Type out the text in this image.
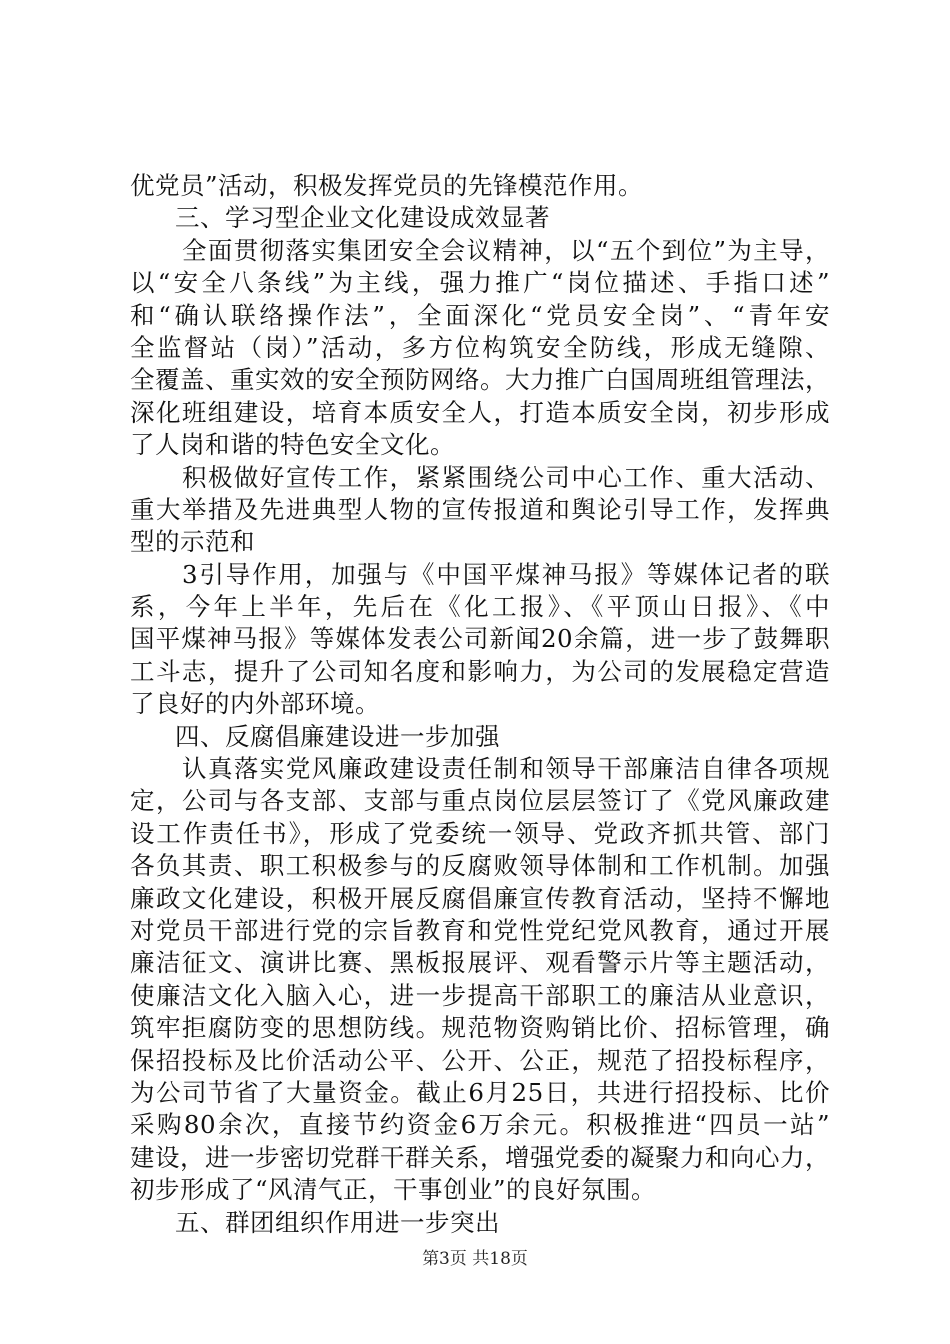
优党员”活动，积极发挥党员的先锋模范作用。
三、学习型企业文化建设成效显著
全面贯彻落实集团安全会议精神，以“五个到位”为主导，
以“安全八条线”为主线，强力推广“岗位描述、手指口述”
和“确认联络操作法”，全面深化“党员安全岗”、“青年安
全监督站（岗）”活动，多方位构筑安全防线，形成无缝隙、
全覆盖、重实效的安全预防网络。大力推广白国周班组管理法，
深化班组建设，培育本质安全人，打造本质安全岗，初步形成
了人岗和谐的特色安全文化。
积极做好宣传工作，紧紧围绕公司中心工作、重大活动、
重大举措及先进典型人物的宣传报道和舆论引导工作，发挥典
型的示范和
3引导作用，加强与《中国平煤神马报》等媒体记者的联
系，今年上半年，先后在《化工报》、《平顶山日报》、《中
国平煤神马报》等媒体发表公司新闻20余篇，进一步了鼓舞职
工斗志，提升了公司知名度和影响力，为公司的发展稳定营造
了良好的内外部环境。
四、反腐倡廉建设进一步加强
认真落实党风廉政建设责任制和领导干部廉洁自律各项规
定，公司与各支部、支部与重点岗位层层签订了《党风廉政建
设工作责任书》，形成了党委统一领导、党政齐抓共管、部门
各负其责、职工积极参与的反腐败领导体制和工作机制。加强
廉政文化建设，积极开展反腐倡廉宣传教育活动，坚持不懈地
对党员干部进行党的宗旨教育和党性党纪党风教育，通过开展
廉洁征文、演讲比赛、黑板报展评、观看警示片等主题活动，
使廉洁文化入脑入心，进一步提高干部职工的廉洁从业意识，
筑牢拒腐防变的思想防线。规范物资购销比价、招标管理，确
保招投标及比价活动公平、公开、公正，规范了招投标程序，
为公司节省了大量资金。截止6月25日，共进行招投标、比价
采购80余次，直接节约资金6万余元。积极推进“四员一站”
建设，进一步密切党群干群关系，增强党委的凝聚力和向心力，
初步形成了“风清气正，干事创业”的良好氛围。
五、群团组织作用进一步突出
第3页 共18页
